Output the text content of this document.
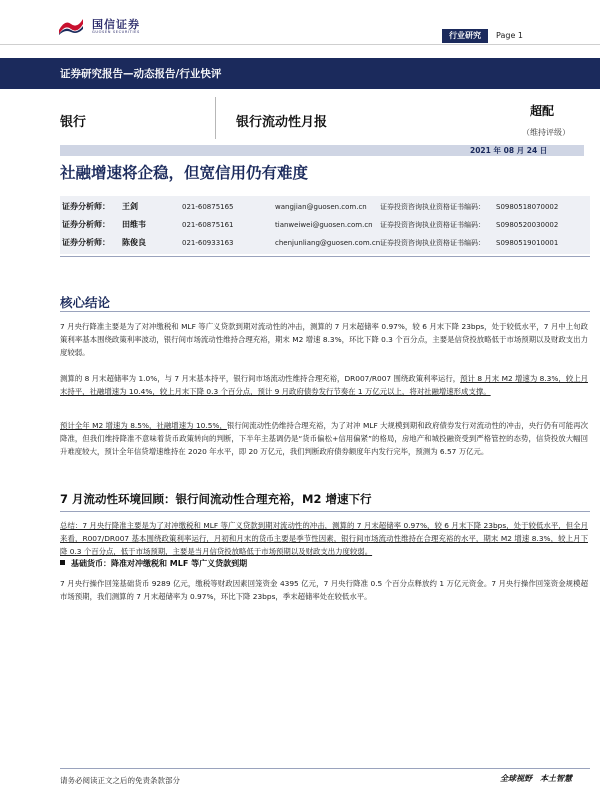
国信证券
GUOSEN SECURITIES	行业研究	Page 1
证券研究报告—动态报告/行业快评
银行	银行流动性月报
超配
（维持评级）
2021 年 08 月 24 日
社融增速将企稳，但宽信用仍有难度
证券分析师： 王剑	021-60875165	wangjian@guosen.com.cn 证券投资咨询执业资格证书编码： S0980518070002
证券分析师： 田维韦	021-60875161	tianweiwei@guosen.com.cn 证券投资咨询执业资格证书编码： S0980520030002
证券分析师： 陈俊良	021-60933163	chenjunliang@guosen.com.cn 证券投资咨询执业资格证书编码： S0980519010001
核心结论

7 月央行降准主要是为了对冲缴税和 MLF 等广义贷款到期对流动性的冲击，测算的 7 月末超储率 0.97%，较 6 月末下降 23bps，处于较低水平，7 月中上旬政策利率基本围绕政策利率波动，银行间市场流动性维持合理充裕，期末 M2 增速 8.3%，环比下降 0.3 个百分点，主要是信贷投放略低于市场预期以及财政支出力度较弱。

测算的 8 月末超储率为 1.0%，与 7 月末基本持平，银行间市场流动性维持合理充裕，DR007/R007 围绕政策利率运行，预计 8 月末 M2 增速为 8.3%，较上月末持平，社融增速为 10.4%，较上月末下降 0.3 个百分点，预计 9 月政府债券发行节奏在 1 万亿元以上，将对社融增速形成支撑。

预计全年 M2 增速为 8.5%，社融增速为 10.5%，银行间流动性仍维持合理充裕，为了对冲 MLF 大规模到期和政府债券发行对流动性的冲击，央行仍有可能再次降准，但我们维持降准不意味着货币政策转向的判断，下半年主基调仍是“货币偏松+信用偏紧”的格局，房地产和城投融资受到严格管控的态势，信贷投放大幅回升难度较大，预计全年信贷增速维持在 2020 年水平，即 20 万亿元，我们判断政府债券额度年内发行完毕，预测为 6.57 万亿元。

7 月流动性环境回顾：银行间流动性合理充裕，M2 增速下行

总结：7 月央行降准主要是为了对冲缴税和 MLF 等广义贷款到期对流动性的冲击，测算的 7 月末超储率 0.97%，较 6 月末下降 23bps，处于较低水平，但全月来看，R007/DR007 基本围绕政策利率运行，月初和月末的货币主要是季节性因素，银行间市场流动性维持在合理充裕的水平，期末 M2 增速 8.3%，较上月下降 0.3 个百分点，低于市场预期，主要是当月信贷投放略低于市场预期以及财政支出力度较弱。

基础货币：降准对冲缴税和 MLF 等广义贷款到期

7 月央行操作回笼基础货币 9289 亿元，缴税等财政因素回笼资金 4395 亿元，7 月央行降准 0.5 个百分点释放约 1 万亿元资金。7 月央行操作回笼资金规模超市场预期，我们测算的 7 月末超储率为 0.97%，环比下降 23bps，季末超储率处在较低水平。

请务必阅读正文之后的免责条款部分	全球视野　本土智慧
